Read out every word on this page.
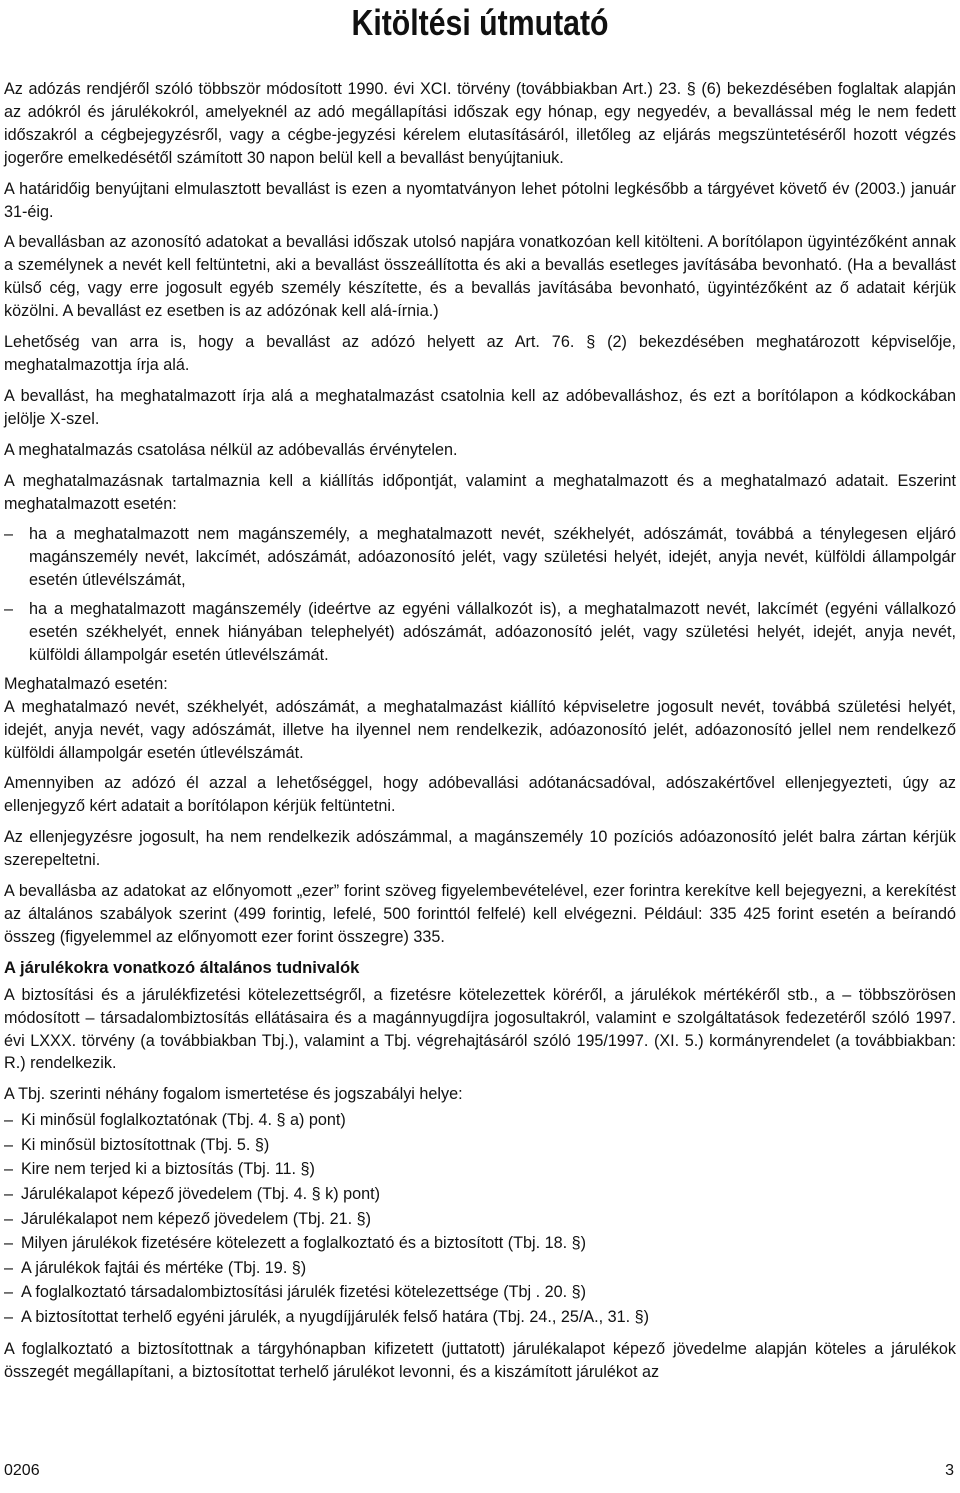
Kitöltési útmutató

Az adózás rendjéről szóló többször módosított 1990. évi XCI. törvény (továbbiakban Art.) 23. § (6) bekezdésében foglaltak alapján az adókról és járulékokról, amelyeknél az adó megállapítási időszak egy hónap, egy negyedév, a bevallással még le nem fedett időszakról a cégbejegyzésről, vagy a cégbe-jegyzési kérelem elutasításáról, illetőleg az eljárás megszüntetéséről hozott végzés jogerőre emelkedésétől számított 30 napon belül kell a bevallást benyújtaniuk.

A határidőig benyújtani elmulasztott bevallást is ezen a nyomtatványon lehet pótolni legkésőbb a tárgyévet követő év (2003.) január 31-éig.

A bevallásban az azonosító adatokat a bevallási időszak utolsó napjára vonatkozóan kell kitölteni. A borítólapon ügyintézőként annak a személynek a nevét kell feltüntetni, aki a bevallást összeállította és aki a bevallás esetleges javításába bevonható. (Ha a bevallást külső cég, vagy erre jogosult egyéb személy készítette, és a bevallás javításába bevonható, ügyintézőként az ő adatait kérjük közölni. A bevallást ez esetben is az adózónak kell alá-írnia.)

Lehetőség van arra is, hogy a bevallást az adózó helyett az Art. 76. § (2) bekezdésében meghatározott képviselője, meghatalmazottja írja alá.

A bevallást, ha meghatalmazott írja alá a meghatalmazást csatolnia kell az adóbevalláshoz, és ezt a borítólapon a kódkockában jelölje X-szel.

A meghatalmazás csatolása nélkül az adóbevallás érvénytelen.

A meghatalmazásnak tartalmaznia kell a kiállítás időpontját, valamint a meghatalmazott és a meghatalmazó adatait. Eszerint meghatalmazott esetén:

– ha a meghatalmazott nem magánszemély, a meghatalmazott nevét, székhelyét, adószámát, továbbá a ténylegesen eljáró magánszemély nevét, lakcímét, adószámát, adóazonosító jelét, vagy születési helyét, idejét, anyja nevét, külföldi állampolgár esetén útlevélszámát,
– ha a meghatalmazott magánszemély (ideértve az egyéni vállalkozót is), a meghatalmazott nevét, lakcímét (egyéni vállalkozó esetén székhelyét, ennek hiányában telephelyét) adószámát, adóazonosító jelét, vagy születési helyét, idejét, anyja nevét, külföldi állampolgár esetén útlevélszámát.

Meghatalmazó esetén:

A meghatalmazó nevét, székhelyét, adószámát, a meghatalmazást kiállító képviseletre jogosult nevét, továbbá születési helyét, idejét, anyja nevét, vagy adószámát, illetve ha ilyennel nem rendelkezik, adóazonosító jelét, adóazonosító jellel nem rendelkező külföldi állampolgár esetén útlevélszámát.

Amennyiben az adózó él azzal a lehetőséggel, hogy adóbevallási adótanácsadóval, adószakértővel ellenjegyezteti, úgy az ellenjegyző kért adatait a borítólapon kérjük feltüntetni.

Az ellenjegyzésre jogosult, ha nem rendelkezik adószámmal, a magánszemély 10 pozíciós adóazonosító jelét balra zártan kérjük szerepeltetni.

A bevallásba az adatokat az előnyomott „ezer” forint szöveg figyelembevételével, ezer forintra kerekítve kell bejegyezni, a kerekítést az általános szabályok szerint (499 forintig, lefelé, 500 forinttól felfelé) kell elvégezni. Például: 335 425 forint esetén a beírandó összeg (figyelemmel az előnyomott ezer forint összegre) 335.

A járulékokra vonatkozó általános tudnivalók

A biztosítási és a járulékfizetési kötelezettségről, a fizetésre kötelezettek köréről, a járulékok mértékéről stb., a – többszörösen módosított – társadalombiztosítás ellátásaira és a magánnyugdíjra jogosultakról, valamint e szolgáltatások fedezetéről szóló 1997. évi LXXX. törvény (a továbbiakban Tbj.), valamint a Tbj. végrehajtásáról szóló 195/1997. (XI. 5.) kormányrendelet (a továbbiakban: R.) rendelkezik.

A Tbj. szerinti néhány fogalom ismertetése és jogszabályi helye:

– Ki minősül foglalkoztatónak (Tbj. 4. § a) pont)
– Ki minősül biztosítottnak (Tbj. 5. §)
– Kire nem terjed ki a biztosítás (Tbj. 11. §)
– Járulékalapot képező jövedelem (Tbj. 4. § k) pont)
– Járulékalapot nem képező jövedelem (Tbj. 21. §)
– Milyen járulékok fizetésére kötelezett a foglalkoztató és a biztosított (Tbj. 18. §)
– A járulékok fajtái és mértéke (Tbj. 19. §)
– A foglalkoztató társadalombiztosítási járulék fizetési kötelezettsége (Tbj . 20. §)
– A biztosítottat terhelő egyéni járulék, a nyugdíjjárulék felső határa (Tbj. 24., 25/A., 31. §)

A foglalkoztató a biztosítottnak a tárgyhónapban kifizetett (juttatott) járulékalapot képező jövedelme alapján köteles a járulékok összegét megállapítani, a biztosítottat terhelő járulékot levonni, és a kiszámított járulékot az

0206	3
